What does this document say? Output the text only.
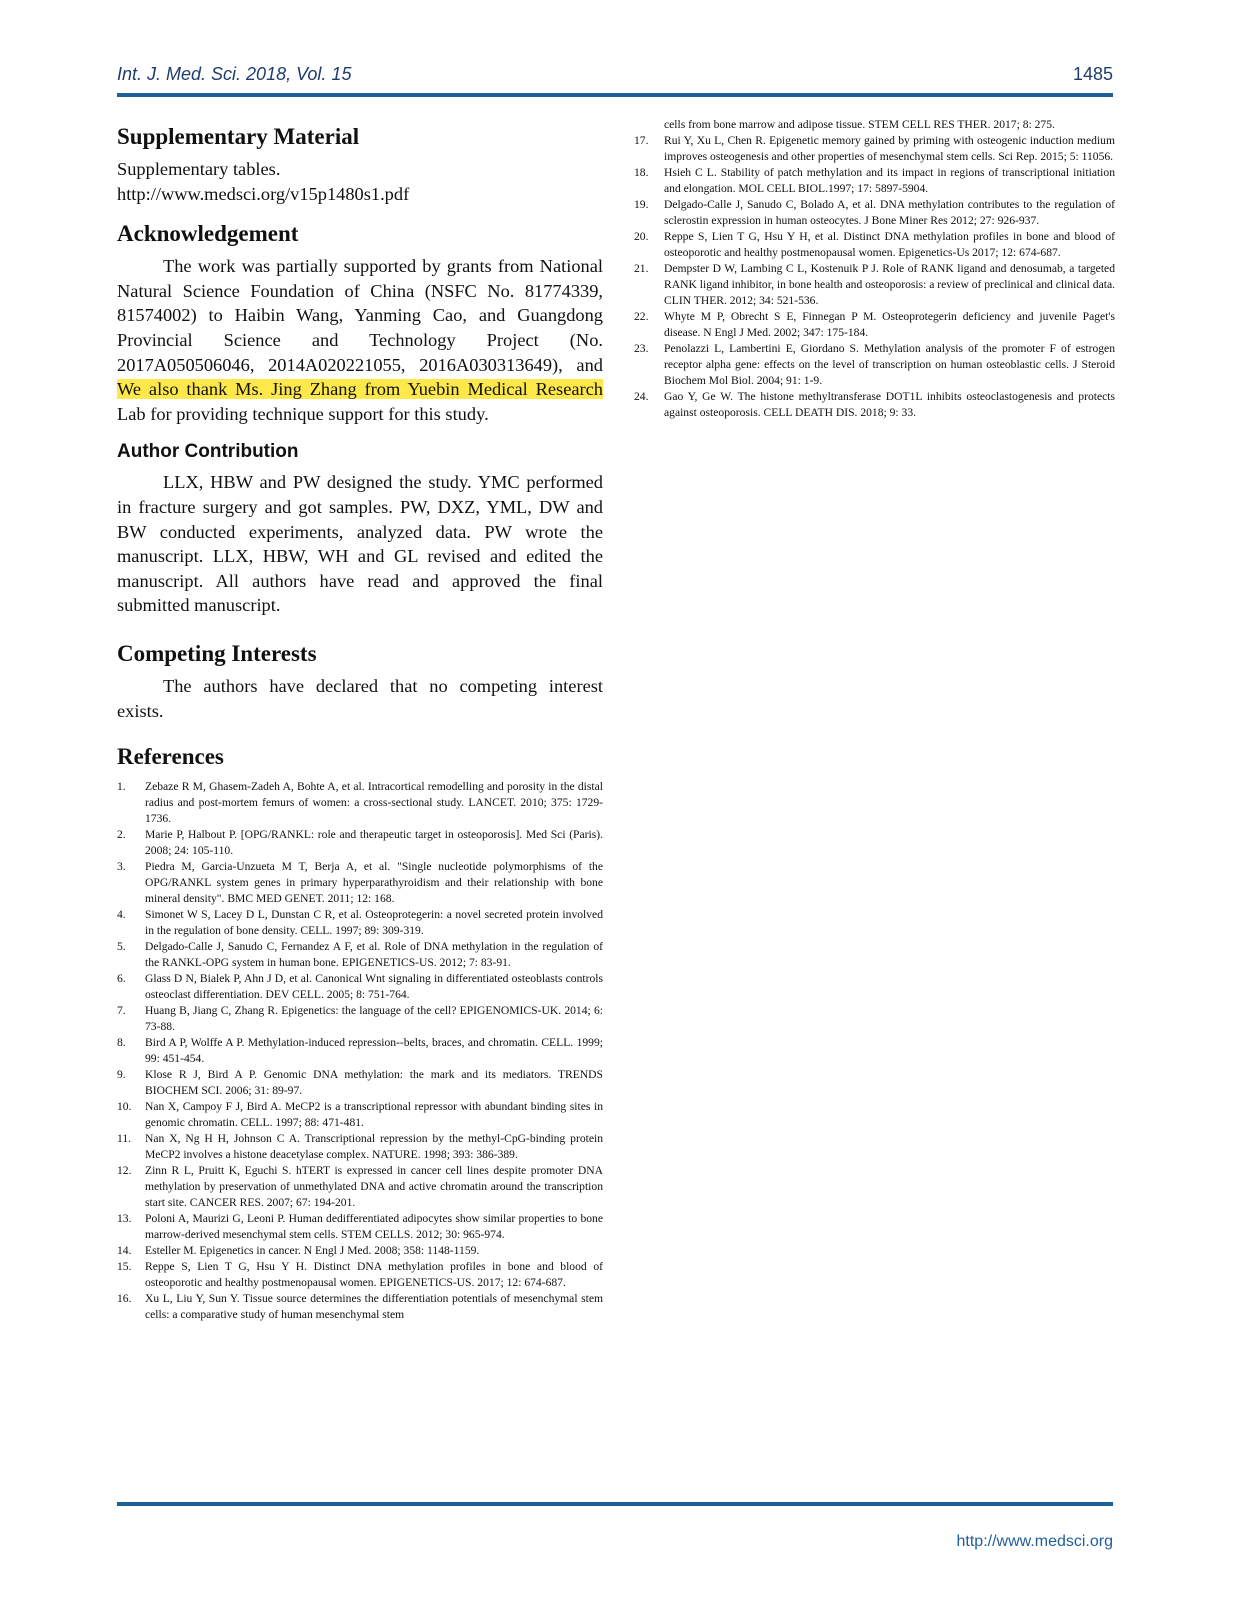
Int. J. Med. Sci. 2018, Vol. 15	1485
Supplementary Material

Supplementary tables.

http://www.medsci.org/v15p1480s1.pdf

Acknowledgement

The work was partially supported by grants from National Natural Science Foundation of China (NSFC No. 81774339, 81574002) to Haibin Wang, Yanming Cao, and Guangdong Provincial Science and Technology Project (No. 2017A050506046, 2014A020221055, 2016A030313649), and We also thank Ms. Jing Zhang from Yuebin Medical Research Lab for providing technique support for this study.

Author Contribution

LLX, HBW and PW designed the study. YMC performed in fracture surgery and got samples. PW, DXZ, YML, DW and BW conducted experiments, analyzed data. PW wrote the manuscript. LLX, HBW, WH and GL revised and edited the manuscript. All authors have read and approved the final submitted manuscript.

Competing Interests

The authors have declared that no competing interest exists.

References
1. Zebaze R M, Ghasem-Zadeh A, Bohte A, et al. Intracortical remodelling and porosity in the distal radius and post-mortem femurs of women: a cross-sectional study. LANCET. 2010; 375: 1729-1736.
2. Marie P, Halbout P. [OPG/RANKL: role and therapeutic target in osteoporosis]. Med Sci (Paris). 2008; 24: 105-110.
3. Piedra M, Garcia-Unzueta M T, Berja A, et al. "Single nucleotide polymorphisms of the OPG/RANKL system genes in primary hyperparathyroidism and their relationship with bone mineral density". BMC MED GENET. 2011; 12: 168.
4. Simonet W S, Lacey D L, Dunstan C R, et al. Osteoprotegerin: a novel secreted protein involved in the regulation of bone density. CELL. 1997; 89: 309-319.
5. Delgado-Calle J, Sanudo C, Fernandez A F, et al. Role of DNA methylation in the regulation of the RANKL-OPG system in human bone. EPIGENETICS-US. 2012; 7: 83-91.
6. Glass D N, Bialek P, Ahn J D, et al. Canonical Wnt signaling in differentiated osteoblasts controls osteoclast differentiation. DEV CELL. 2005; 8: 751-764.
7. Huang B, Jiang C, Zhang R. Epigenetics: the language of the cell? EPIGENOMICS-UK. 2014; 6: 73-88.
8. Bird A P, Wolffe A P. Methylation-induced repression--belts, braces, and chromatin. CELL. 1999; 99: 451-454.
9. Klose R J, Bird A P. Genomic DNA methylation: the mark and its mediators. TRENDS BIOCHEM SCI. 2006; 31: 89-97.
10. Nan X, Campoy F J, Bird A. MeCP2 is a transcriptional repressor with abundant binding sites in genomic chromatin. CELL. 1997; 88: 471-481.
11. Nan X, Ng H H, Johnson C A. Transcriptional repression by the methyl-CpG-binding protein MeCP2 involves a histone deacetylase complex. NATURE. 1998; 393: 386-389.
12. Zinn R L, Pruitt K, Eguchi S. hTERT is expressed in cancer cell lines despite promoter DNA methylation by preservation of unmethylated DNA and active chromatin around the transcription start site. CANCER RES. 2007; 67: 194-201.
13. Poloni A, Maurizi G, Leoni P. Human dedifferentiated adipocytes show similar properties to bone marrow-derived mesenchymal stem cells. STEM CELLS. 2012; 30: 965-974.
14. Esteller M. Epigenetics in cancer. N Engl J Med. 2008; 358: 1148-1159.
15. Reppe S, Lien T G, Hsu Y H. Distinct DNA methylation profiles in bone and blood of osteoporotic and healthy postmenopausal women. EPIGENETICS-US. 2017; 12: 674-687.
16. Xu L, Liu Y, Sun Y. Tissue source determines the differentiation potentials of mesenchymal stem cells: a comparative study of human mesenchymal stem
cells from bone marrow and adipose tissue. STEM CELL RES THER. 2017; 8: 275.
17. Rui Y, Xu L, Chen R. Epigenetic memory gained by priming with osteogenic induction medium improves osteogenesis and other properties of mesenchymal stem cells. Sci Rep. 2015; 5: 11056.
18. Hsieh C L. Stability of patch methylation and its impact in regions of transcriptional initiation and elongation. MOL CELL BIOL.1997; 17: 5897-5904.
19. Delgado-Calle J, Sanudo C, Bolado A, et al. DNA methylation contributes to the regulation of sclerostin expression in human osteocytes. J Bone Miner Res 2012; 27: 926-937.
20. Reppe S, Lien T G, Hsu Y H, et al. Distinct DNA methylation profiles in bone and blood of osteoporotic and healthy postmenopausal women. Epigenetics-Us 2017; 12: 674-687.
21. Dempster D W, Lambing C L, Kostenuik P J. Role of RANK ligand and denosumab, a targeted RANK ligand inhibitor, in bone health and osteoporosis: a review of preclinical and clinical data. CLIN THER. 2012; 34: 521-536.
22. Whyte M P, Obrecht S E, Finnegan P M. Osteoprotegerin deficiency and juvenile Paget's disease. N Engl J Med. 2002; 347: 175-184.
23. Penolazzi L, Lambertini E, Giordano S. Methylation analysis of the promoter F of estrogen receptor alpha gene: effects on the level of transcription on human osteoblastic cells. J Steroid Biochem Mol Biol. 2004; 91: 1-9.
24. Gao Y, Ge W. The histone methyltransferase DOT1L inhibits osteoclastogenesis and protects against osteoporosis. CELL DEATH DIS. 2018; 9: 33.
http://www.medsci.org
